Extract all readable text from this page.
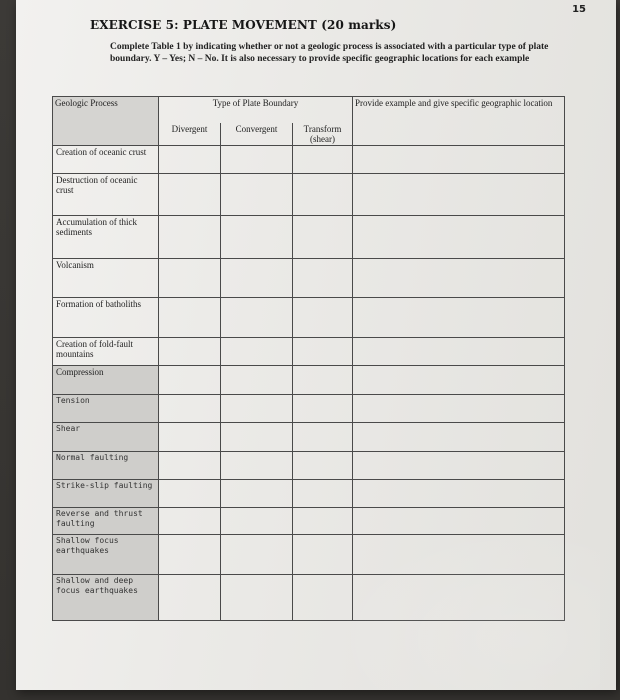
15
EXERCISE 5: PLATE MOVEMENT (20 marks)
Complete Table 1 by indicating whether or not a geologic process is associated with a particular type of plate boundary. Y – Yes; N – No. It is also necessary to provide specific geographic locations for each example
Geologic Process	Type of Plate Boundary			Provide example and give specific geographic location
	Divergent	Convergent	Transform (shear)	

Creation of oceanic crust				

Destruction of oceanic crust				

Accumulation of thick sediments				

Volcanism				

Formation of batholiths				

Creation of fold-fault mountains				

Compression				

Tension				

Shear				

Normal faulting				

Strike-slip faulting				

Reverse and thrust faulting				

Shallow focus earthquakes				

Shallow and deep focus earthquakes				
